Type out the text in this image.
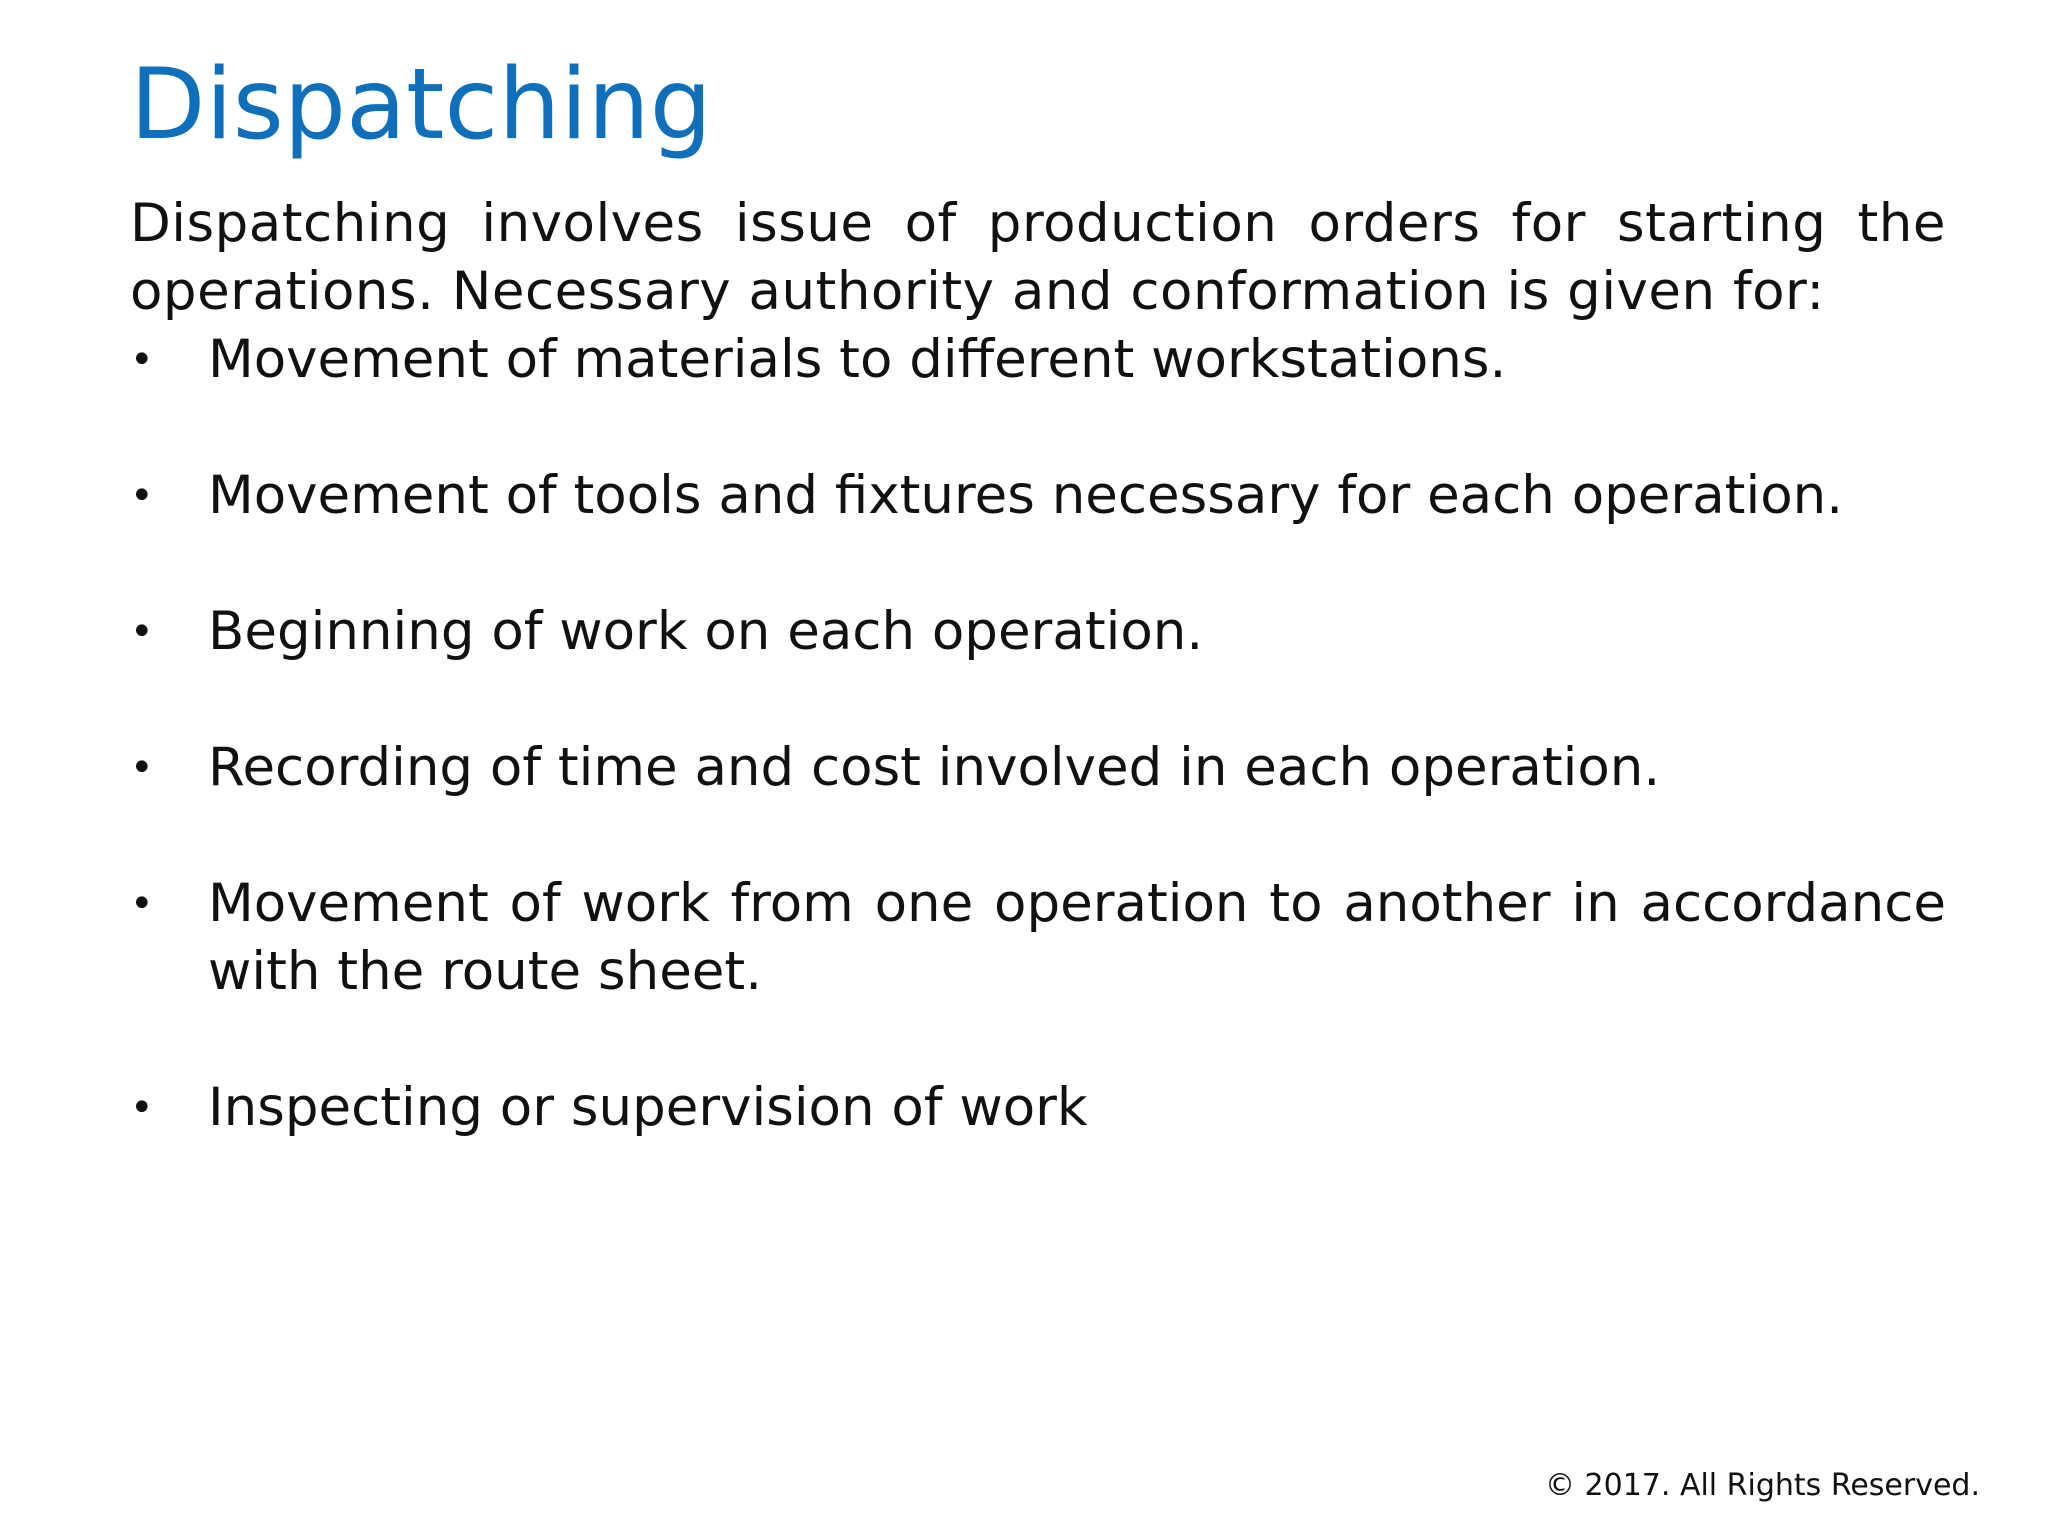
Dispatching

Dispatching involves issue of production orders for starting the operations. Necessary authority and conformation is given for:

• Movement of materials to different workstations.
• Movement of tools and fixtures necessary for each operation.
• Beginning of work on each operation.
• Recording of time and cost involved in each operation.
• Movement of work from one operation to another in accordance with the route sheet.
• Inspecting or supervision of work
© 2017. All Rights Reserved.
